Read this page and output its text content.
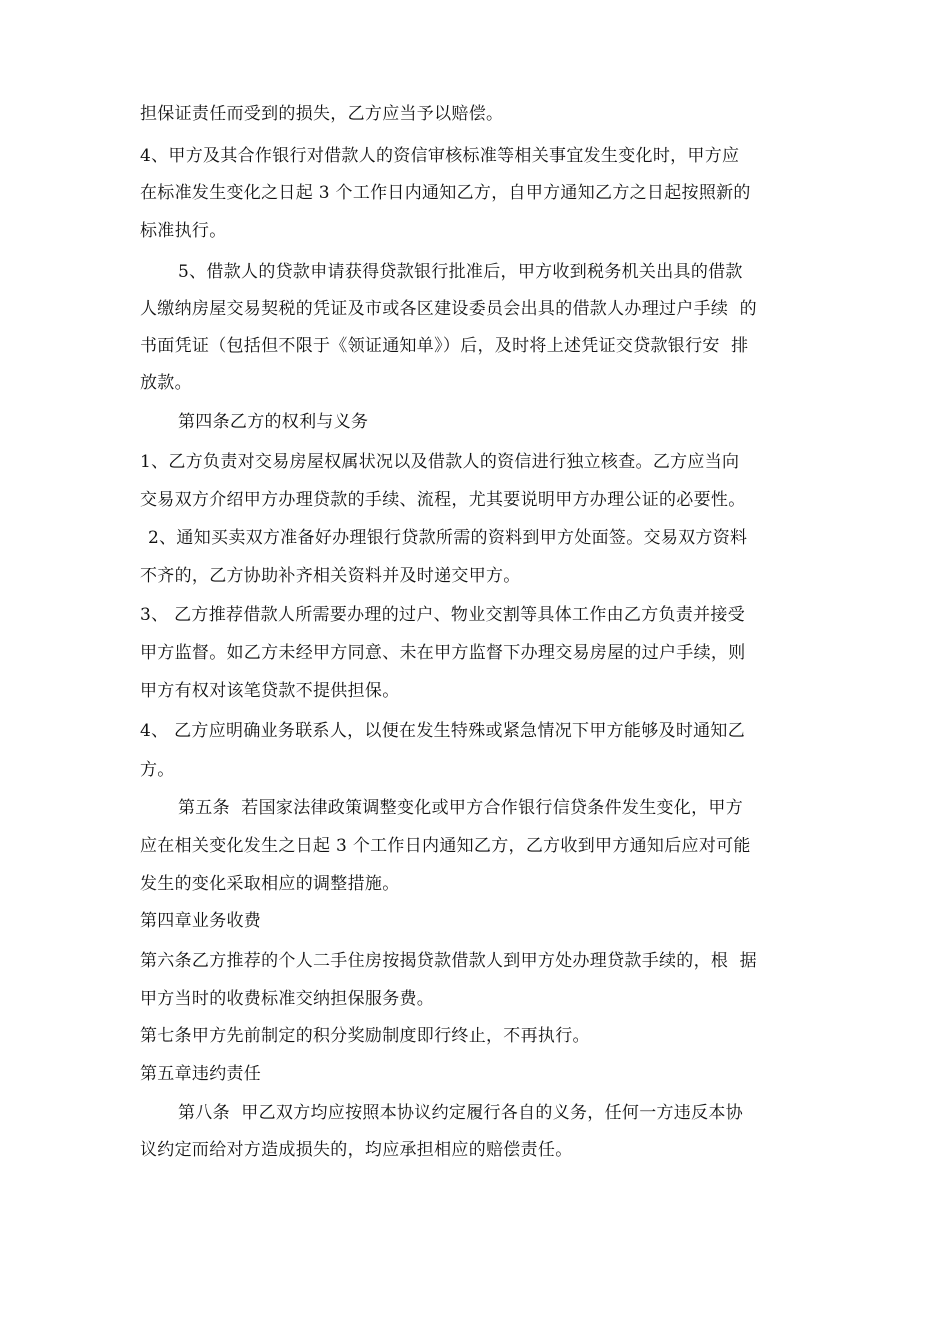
担保证责任而受到的损失，乙方应当予以赔偿。
4、甲方及其合作银行对借款人的资信审核标准等相关事宜发生变化时，甲方应
在标准发生变化之日起 3 个工作日内通知乙方，自甲方通知乙方之日起按照新的
标准执行。
5、借款人的贷款申请获得贷款银行批准后，甲方收到税务机关出具的借款
人缴纳房屋交易契税的凭证及市或各区建设委员会出具的借款人办理过户手续  的
书面凭证（包括但不限于《领证通知单》）后，及时将上述凭证交贷款银行安  排
放款。
第四条乙方的权利与义务
1、乙方负责对交易房屋权属状况以及借款人的资信进行独立核查。乙方应当向
交易双方介绍甲方办理贷款的手续、流程，尤其要说明甲方办理公证的必要性。
2、通知买卖双方准备好办理银行贷款所需的资料到甲方处面签。交易双方资料
不齐的，乙方协助补齐相关资料并及时递交甲方。
3、 乙方推荐借款人所需要办理的过户、物业交割等具体工作由乙方负责并接受
甲方监督。如乙方未经甲方同意、未在甲方监督下办理交易房屋的过户手续，则
甲方有权对该笔贷款不提供担保。
4、 乙方应明确业务联系人，以便在发生特殊或紧急情况下甲方能够及时通知乙
方。
第五条  若国家法律政策调整变化或甲方合作银行信贷条件发生变化，甲方
应在相关变化发生之日起 3 个工作日内通知乙方，乙方收到甲方通知后应对可能
发生的变化采取相应的调整措施。
第四章业务收费
第六条乙方推荐的个人二手住房按揭贷款借款人到甲方处办理贷款手续的，根  据
甲方当时的收费标准交纳担保服务费。
第七条甲方先前制定的积分奖励制度即行终止，不再执行。
第五章违约责任
第八条  甲乙双方均应按照本协议约定履行各自的义务，任何一方违反本协
议约定而给对方造成损失的，均应承担相应的赔偿责任。
